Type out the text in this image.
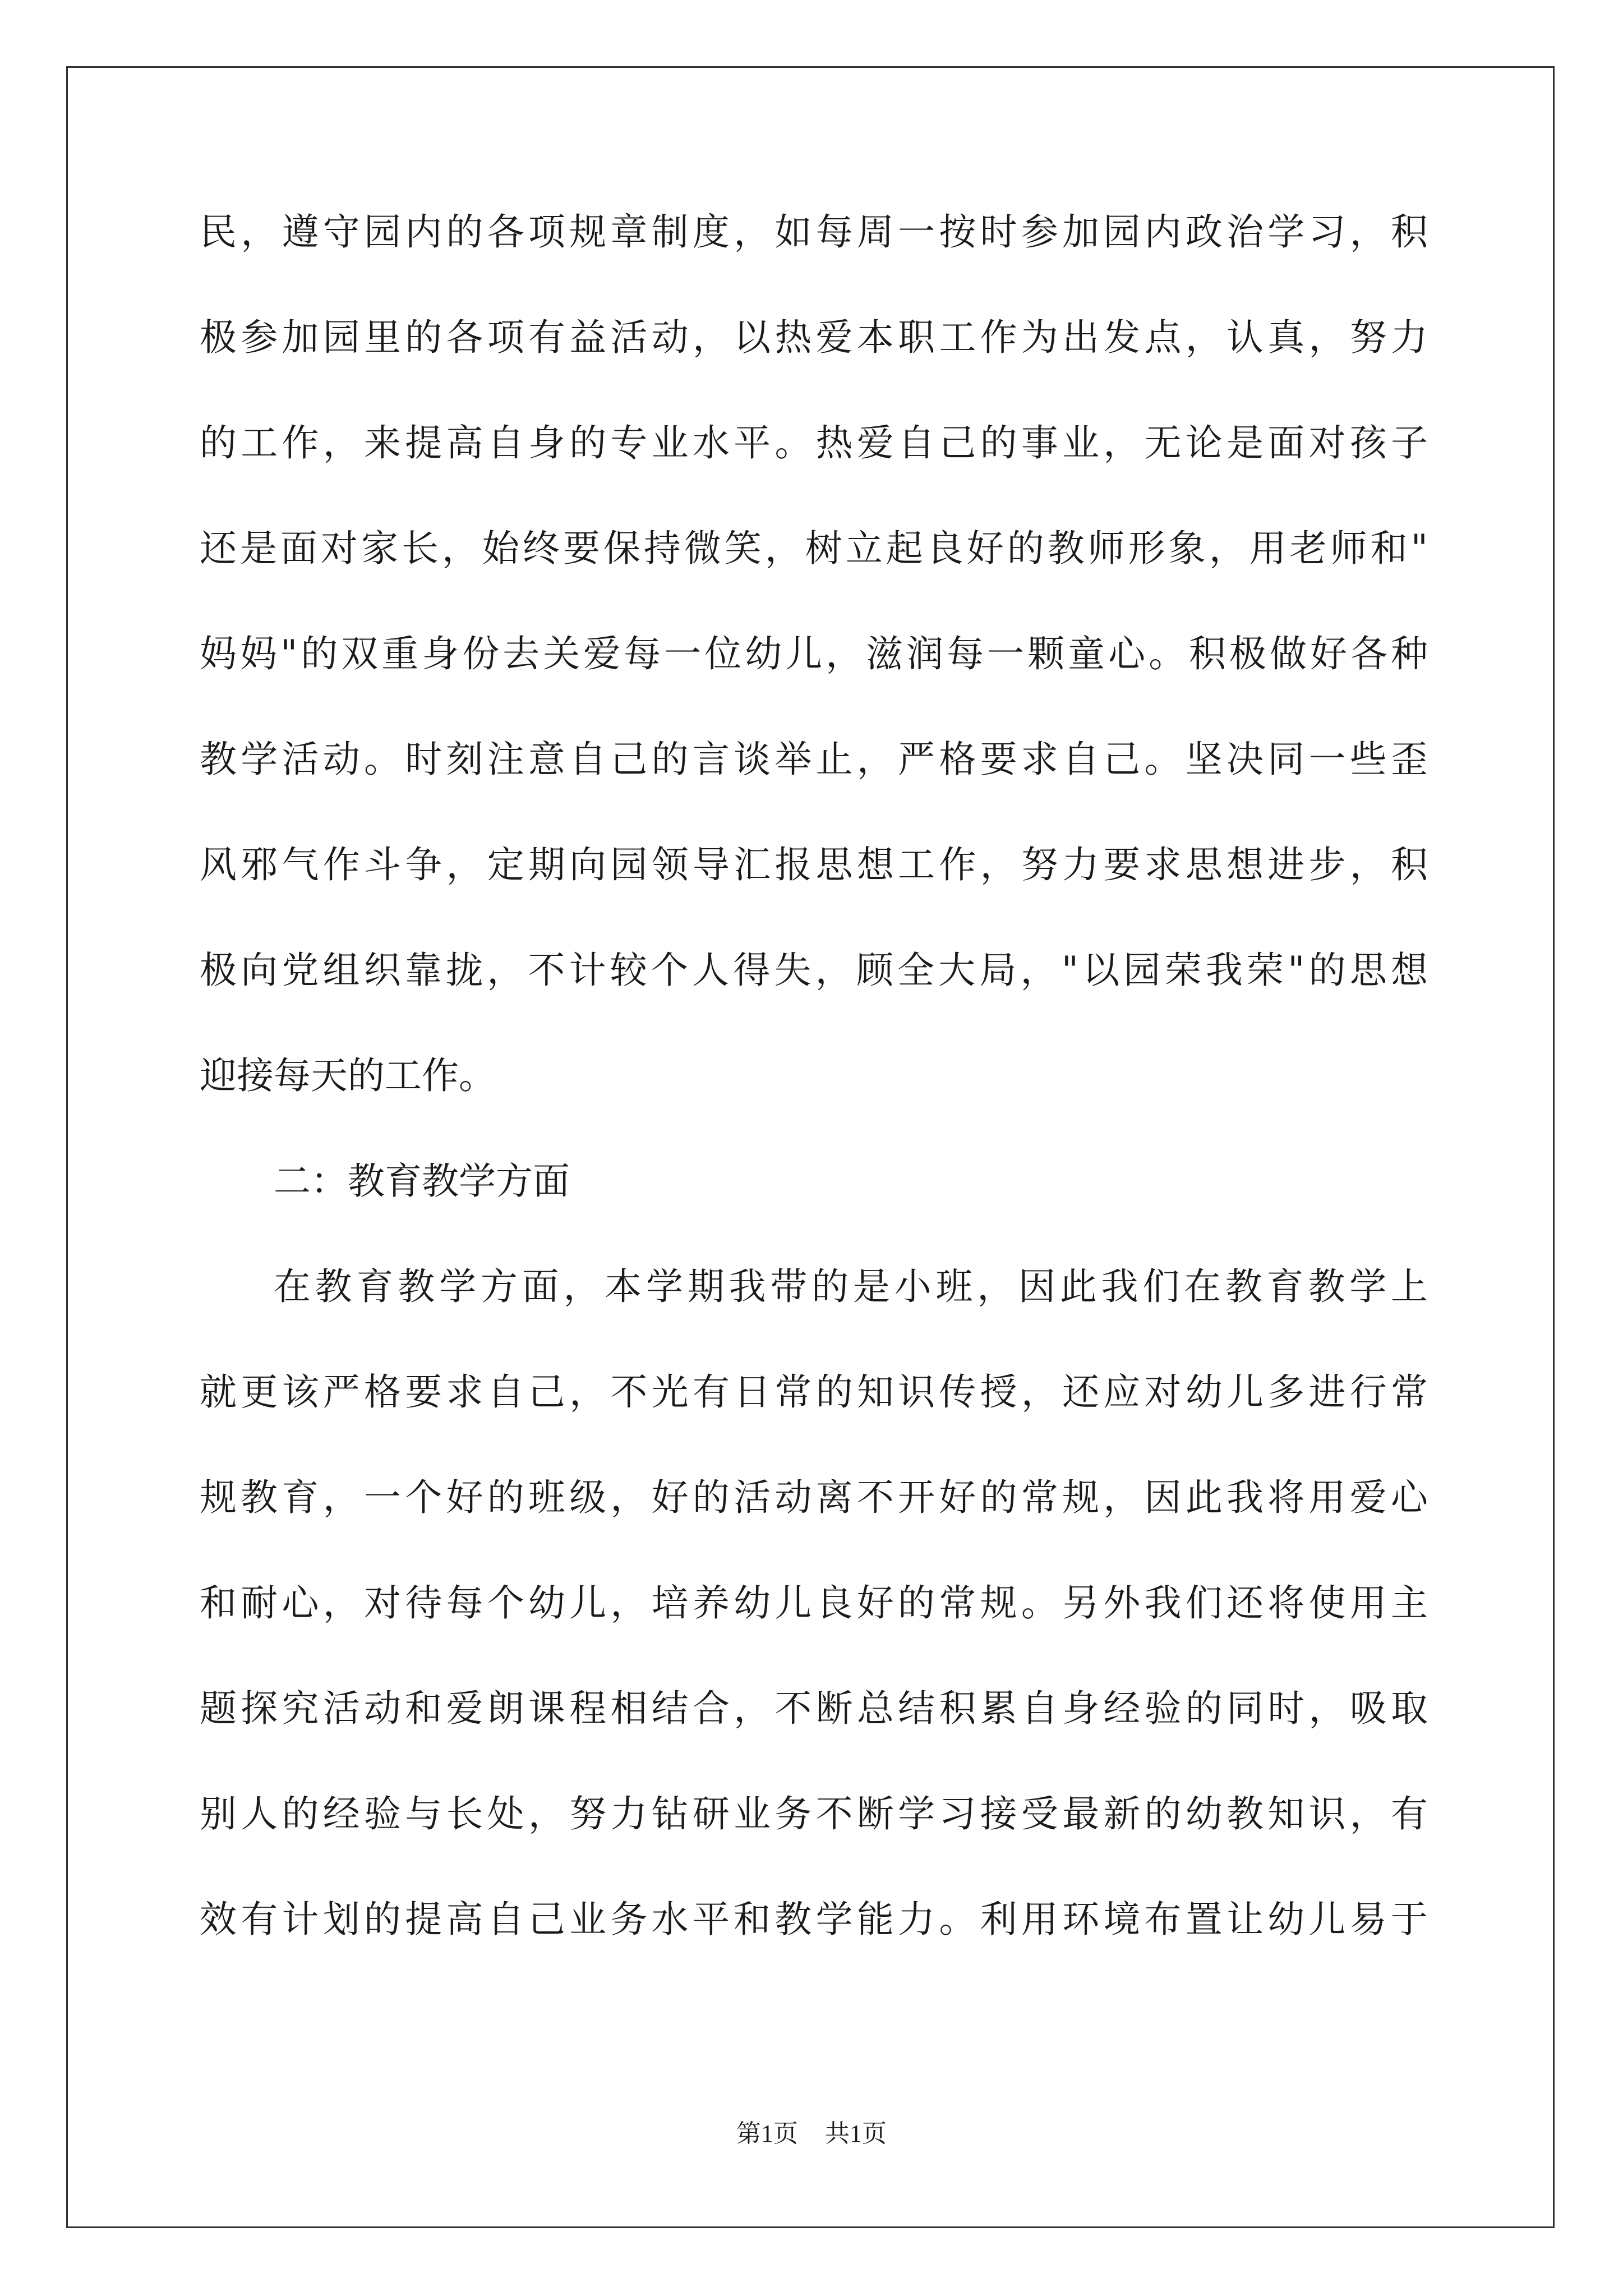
民，遵守园内的各项规章制度，如每周一按时参加园内政治学习，积
极参加园里的各项有益活动，以热爱本职工作为出发点，认真，努力
的工作，来提高自身的专业水平。热爱自己的事业，无论是面对孩子
还是面对家长，始终要保持微笑，树立起良好的教师形象，用老师和"
妈妈"的双重身份去关爱每一位幼儿，滋润每一颗童心。积极做好各种
教学活动。时刻注意自己的言谈举止，严格要求自己。坚决同一些歪
风邪气作斗争，定期向园领导汇报思想工作，努力要求思想进步，积
极向党组织靠拢，不计较个人得失，顾全大局，"以园荣我荣"的思想
迎接每天的工作。
二：教育教学方面
在教育教学方面，本学期我带的是小班，因此我们在教育教学上
就更该严格要求自己，不光有日常的知识传授，还应对幼儿多进行常
规教育，一个好的班级，好的活动离不开好的常规，因此我将用爱心
和耐心，对待每个幼儿，培养幼儿良好的常规。另外我们还将使用主
题探究活动和爱朗课程相结合，不断总结积累自身经验的同时，吸取
别人的经验与长处，努力钻研业务不断学习接受最新的幼教知识，有
效有计划的提高自己业务水平和教学能力。利用环境布置让幼儿易于
第1页 共1页
